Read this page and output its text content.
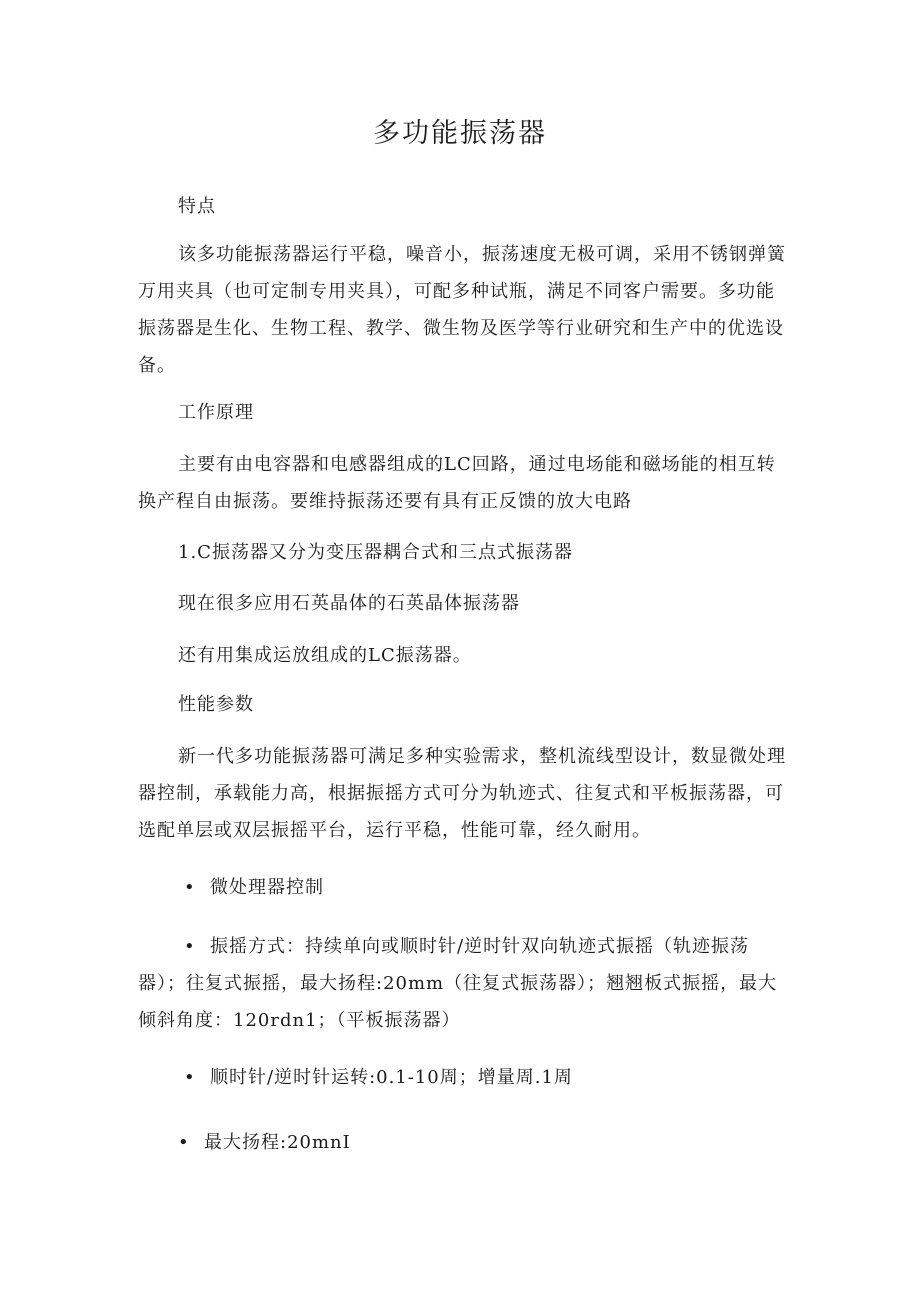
多功能振荡器

特点

该多功能振荡器运行平稳，噪音小，振荡速度无极可调，采用不锈钢弹簧万用夹具（也可定制专用夹具），可配多种试瓶，满足不同客户需要。多功能振荡器是生化、生物工程、教学、微生物及医学等行业研究和生产中的优选设备。

工作原理

主要有由电容器和电感器组成的LC回路，通过电场能和磁场能的相互转换产程自由振荡。要维持振荡还要有具有正反馈的放大电路

1.C振荡器又分为变压器耦合式和三点式振荡器

现在很多应用石英晶体的石英晶体振荡器

还有用集成运放组成的LC振荡器。

性能参数

新一代多功能振荡器可满足多种实验需求，整机流线型设计，数显微处理器控制，承载能力高，根据振摇方式可分为轨迹式、往复式和平板振荡器，可选配单层或双层振摇平台，运行平稳，性能可靠，经久耐用。

• 微处理器控制
• 振摇方式：持续单向或顺时针/逆时针双向轨迹式振摇（轨迹振荡

器）；往复式振摇，最大扬程:20mm（往复式振荡器）；翘翘板式振摇，最大倾斜角度：120rdn1；（平板振荡器）

• 顺时针/逆时针运转:0.1-10周；增量周.1周
• 最大扬程:20mnI
